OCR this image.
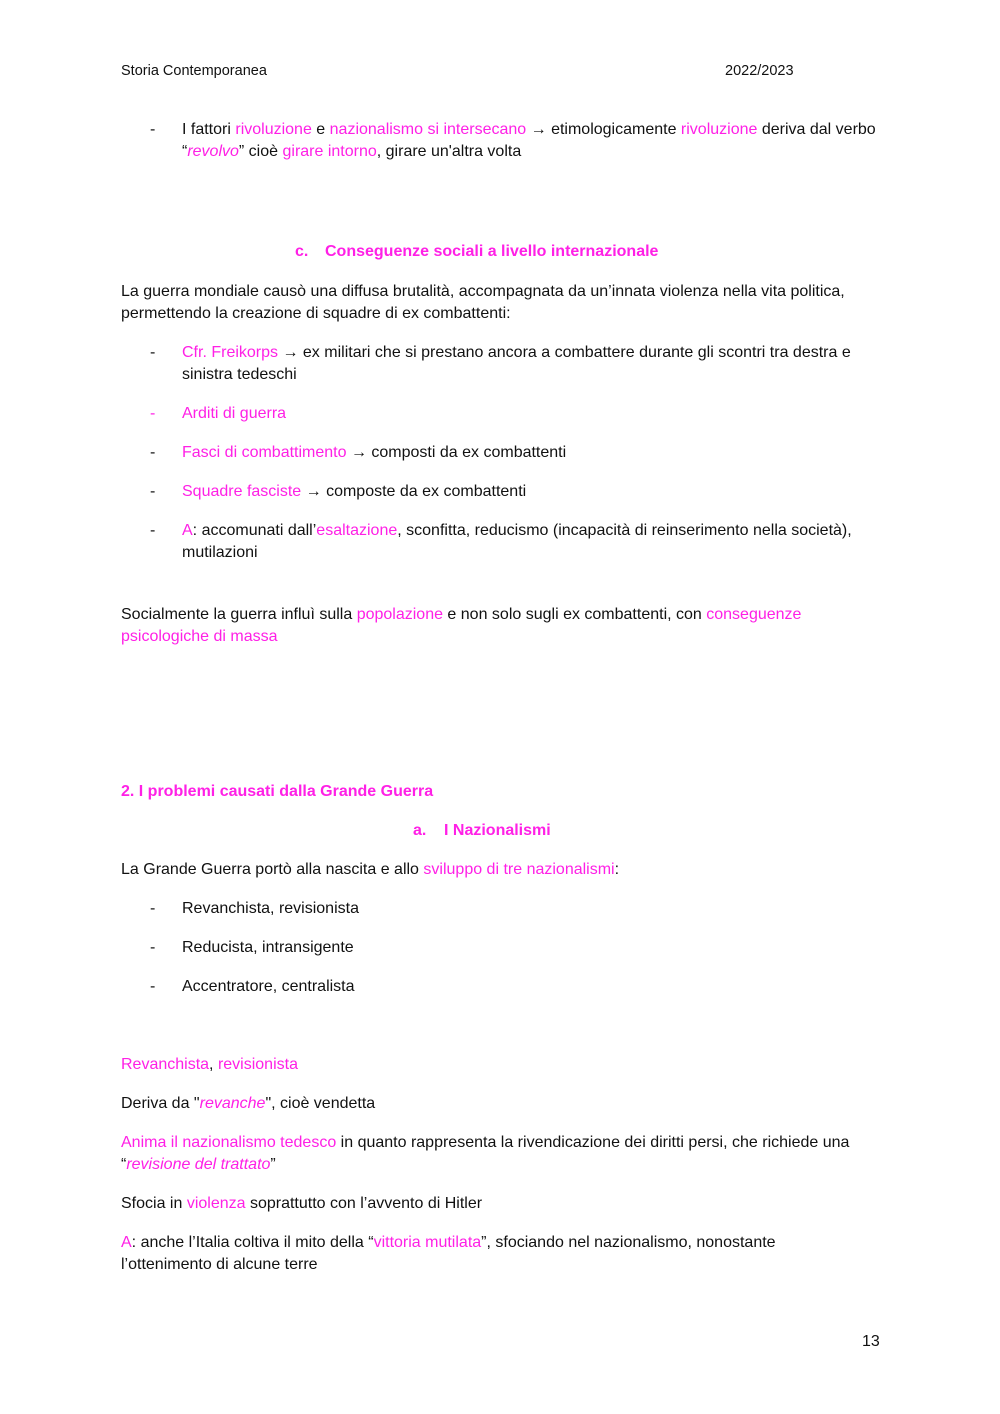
Storia Contemporanea	2022/2023
- I fattori rivoluzione e nazionalismo si intersecano → etimologicamente rivoluzione deriva dal verbo “revolvo” cioè girare intorno, girare un'altra volta
c. Conseguenze sociali a livello internazionale
La guerra mondiale causò una diffusa brutalità, accompagnata da un’innata violenza nella vita politica, permettendo la creazione di squadre di ex combattenti:
- Cfr. Freikorps → ex militari che si prestano ancora a combattere durante gli scontri tra destra e sinistra tedeschi
- Arditi di guerra
- Fasci di combattimento → composti da ex combattenti
- Squadre fasciste → composte da ex combattenti
- A: accomunati dall’esaltazione, sconfitta, reducismo (incapacità di reinserimento nella società), mutilazioni
Socialmente la guerra influì sulla popolazione e non solo sugli ex combattenti, con conseguenze psicologiche di massa
2. I problemi causati dalla Grande Guerra
a. I Nazionalismi
La Grande Guerra portò alla nascita e allo sviluppo di tre nazionalismi:
- Revanchista, revisionista
- Reducista, intransigente
- Accentratore, centralista
Revanchista, revisionista
Deriva da "revanche", cioè vendetta
Anima il nazionalismo tedesco in quanto rappresenta la rivendicazione dei diritti persi, che richiede una “revisione del trattato”
Sfocia in violenza soprattutto con l’avvento di Hitler
A: anche l’Italia coltiva il mito della “vittoria mutilata”, sfociando nel nazionalismo, nonostante l’ottenimento di alcune terre
13
